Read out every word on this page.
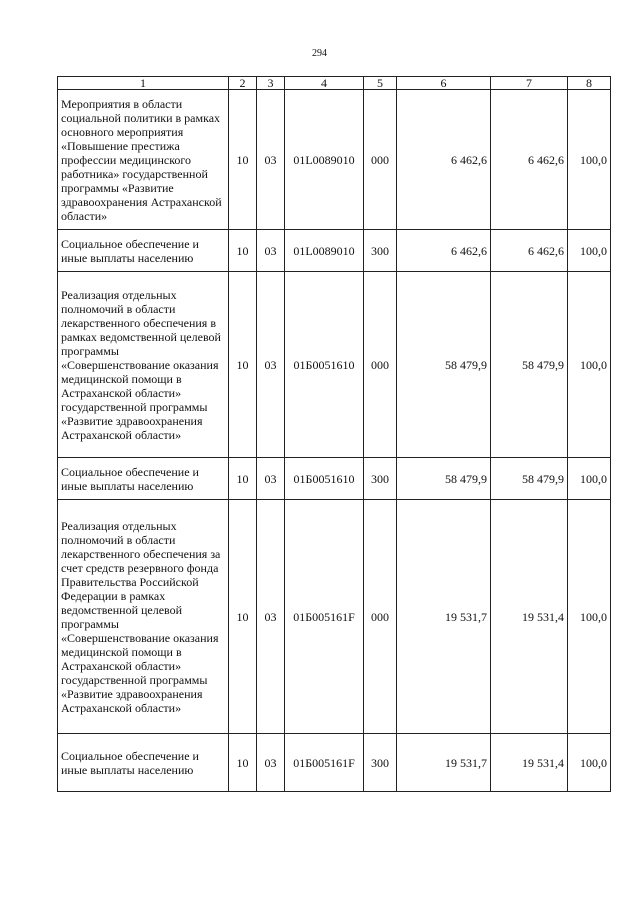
294
1	2	3	4	5	6	7	8
Мероприятия в области социальной политики в рамках основного мероприятия «Повышение престижа профессии медицинского работника» государственной программы «Развитие здравоохранения Астраханской области»	10	03	01L0089010	000	6 462,6	6 462,6	100,0
Социальное обеспечение и иные выплаты населению	10	03	01L0089010	300	6 462,6	6 462,6	100,0
Реализация отдельных полномочий в области лекарственного обеспечения в рамках ведомственной целевой программы «Совершенствование оказания медицинской помощи в Астраханской области» государственной программы «Развитие здравоохранения Астраханской области»	10	03	01Б0051610	000	58 479,9	58 479,9	100,0
Социальное обеспечение и иные выплаты населению	10	03	01Б0051610	300	58 479,9	58 479,9	100,0
Реализация отдельных полномочий в области лекарственного обеспечения за счет средств резервного фонда Правительства Российской Федерации в рамках ведомственной целевой программы «Совершенствование оказания медицинской помощи в Астраханской области» государственной программы «Развитие здравоохранения Астраханской области»	10	03	01Б005161F	000	19 531,7	19 531,4	100,0
Социальное обеспечение и иные выплаты населению	10	03	01Б005161F	300	19 531,7	19 531,4	100,0
